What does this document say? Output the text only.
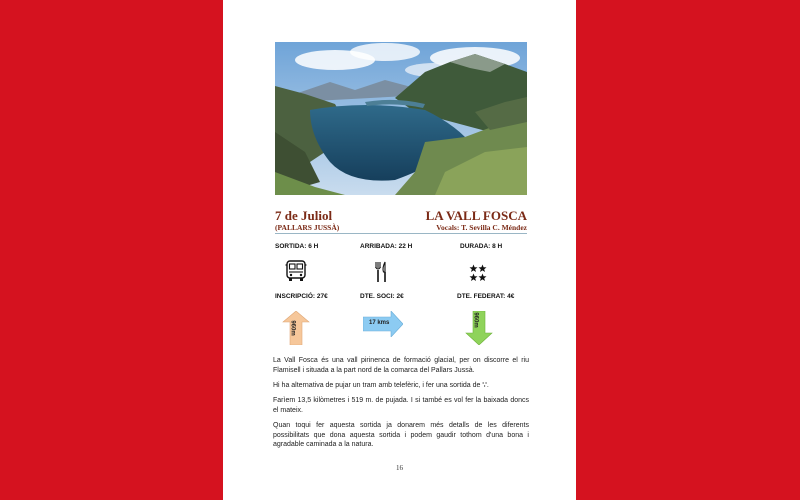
7 de Juliol
(PALLARS JUSSÀ)
LA VALL FOSCA
Vocals: T. Sevilla C. Méndez
SORTIDA: 6 H	ARRIBADA: 22 H	DURADA: 8 H
INSCRIPCIÓ: 27€	DTE. SOCI: 2€	DTE. FEDERAT: 4€
960m	17 kms	960m

La Vall Fosca és una vall pirinenca de formació glacial, per on discorre el riu Flamisell i situada a la part nord de la comarca del Pallars Jussà.

Hi ha alternativa de pujar un tram amb telefèric, i fer una sortida de ∵.

Farìem 13,5 kilòmetres i 519 m. de pujada. I si també es vol fer la baixada doncs el mateix.

Quan toqui fer aquesta sortida ja donarem més detalls de les diferents possibilitats que dona aquesta sortida i podem gaudir tothom d'una bona i agradable caminada a la natura.

16
